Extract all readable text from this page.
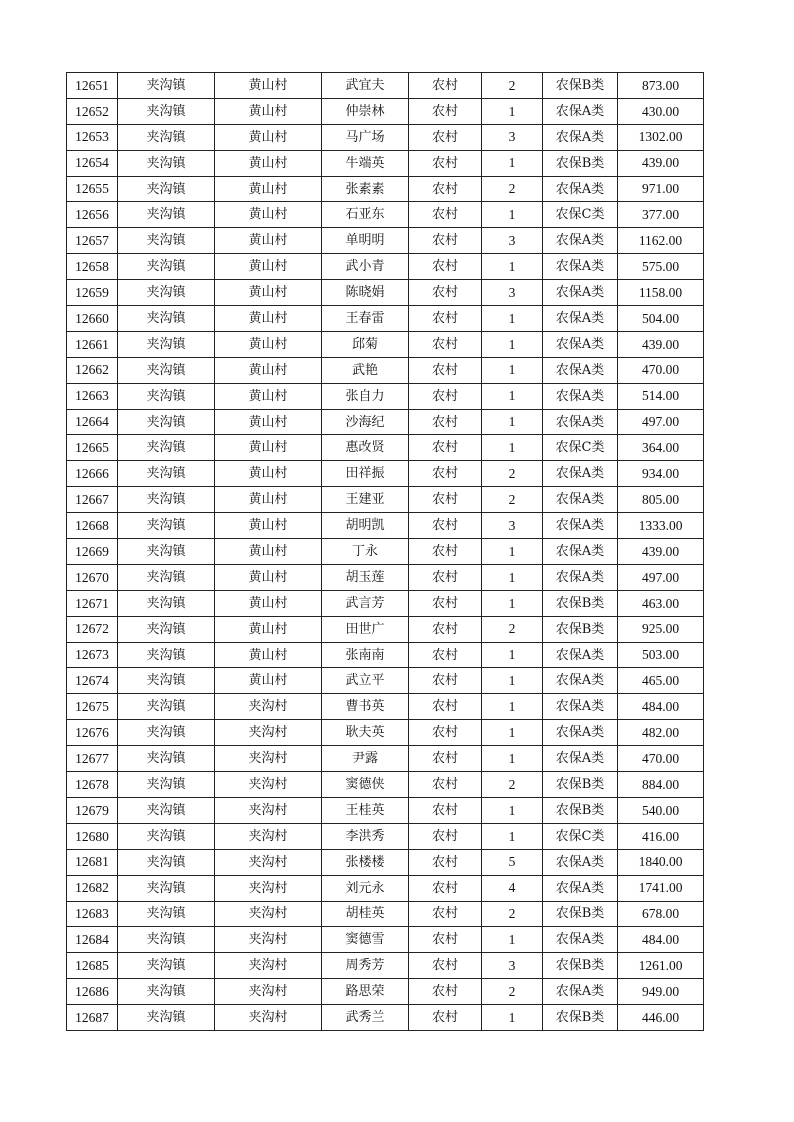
12651	夹沟镇	黄山村	武宜夫	农村	2	农保B类	873.00
12652	夹沟镇	黄山村	仲崇林	农村	1	农保A类	430.00
12653	夹沟镇	黄山村	马广场	农村	3	农保A类	1302.00
12654	夹沟镇	黄山村	牛端英	农村	1	农保B类	439.00
12655	夹沟镇	黄山村	张素素	农村	2	农保A类	971.00
12656	夹沟镇	黄山村	石亚东	农村	1	农保C类	377.00
12657	夹沟镇	黄山村	单明明	农村	3	农保A类	1162.00
12658	夹沟镇	黄山村	武小青	农村	1	农保A类	575.00
12659	夹沟镇	黄山村	陈晓娟	农村	3	农保A类	1158.00
12660	夹沟镇	黄山村	王春雷	农村	1	农保A类	504.00
12661	夹沟镇	黄山村	邱菊	农村	1	农保A类	439.00
12662	夹沟镇	黄山村	武艳	农村	1	农保A类	470.00
12663	夹沟镇	黄山村	张自力	农村	1	农保A类	514.00
12664	夹沟镇	黄山村	沙海纪	农村	1	农保A类	497.00
12665	夹沟镇	黄山村	惠改贤	农村	1	农保C类	364.00
12666	夹沟镇	黄山村	田祥振	农村	2	农保A类	934.00
12667	夹沟镇	黄山村	王建亚	农村	2	农保A类	805.00
12668	夹沟镇	黄山村	胡明凯	农村	3	农保A类	1333.00
12669	夹沟镇	黄山村	丁永	农村	1	农保A类	439.00
12670	夹沟镇	黄山村	胡玉莲	农村	1	农保A类	497.00
12671	夹沟镇	黄山村	武言芳	农村	1	农保B类	463.00
12672	夹沟镇	黄山村	田世广	农村	2	农保B类	925.00
12673	夹沟镇	黄山村	张南南	农村	1	农保A类	503.00
12674	夹沟镇	黄山村	武立平	农村	1	农保A类	465.00
12675	夹沟镇	夹沟村	曹书英	农村	1	农保A类	484.00
12676	夹沟镇	夹沟村	耿夫英	农村	1	农保A类	482.00
12677	夹沟镇	夹沟村	尹露	农村	1	农保A类	470.00
12678	夹沟镇	夹沟村	窦德侠	农村	2	农保B类	884.00
12679	夹沟镇	夹沟村	王桂英	农村	1	农保B类	540.00
12680	夹沟镇	夹沟村	李洪秀	农村	1	农保C类	416.00
12681	夹沟镇	夹沟村	张楼楼	农村	5	农保A类	1840.00
12682	夹沟镇	夹沟村	刘元永	农村	4	农保A类	1741.00
12683	夹沟镇	夹沟村	胡桂英	农村	2	农保B类	678.00
12684	夹沟镇	夹沟村	窦德雪	农村	1	农保A类	484.00
12685	夹沟镇	夹沟村	周秀芳	农村	3	农保B类	1261.00
12686	夹沟镇	夹沟村	路思荣	农村	2	农保A类	949.00
12687	夹沟镇	夹沟村	武秀兰	农村	1	农保B类	446.00
